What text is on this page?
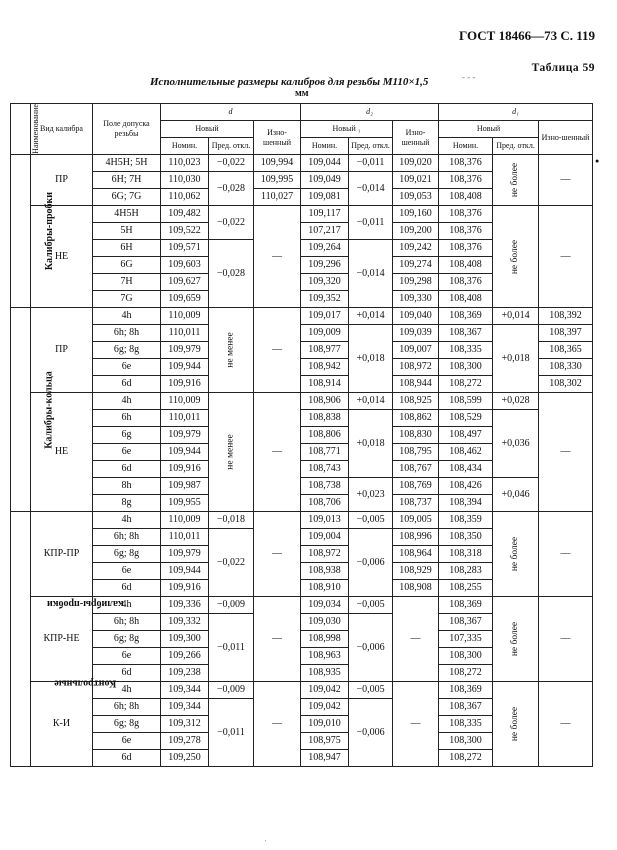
ГОСТ 18466—73 С. 119
Таблица 59
- - -
Исполнительные размеры калибров для резьбы М110×1,5
мм
●
Наименование	Вид калибра	Поле допуска резьбы	d			d₂			d₁		
			Новый		Изно-шенный	Новый ₁		Изно-шенный	Новый		Изно-шенный
			Номин.	Пред. откл.		Номин.	Пред. откл.		Номин.	Пред. откл.	
Калибры-пробки	ПР	4H5H; 5H	110,023	−0,022	109,994	109,044	−0,011	109,020	108,376	не более	—
		6H; 7H	110,030	−0,028	109,995	109,049	−0,014	109,021	108,376		
		6G; 7G	110,062		110,027	109,081		109,053	108,408		
	НЕ	4H5H	109,482	−0,022	—	109,117	−0,011	109,160	108,376	не более	—
		5H	109,522			107,217		109,200	108,376		
		6H	109,571	−0,028		109,264	−0,014	109,242	108,376		
		6G	109,603			109,296		109,274	108,408		
		7H	109,627			109,320		109,298	108,376		
		7G	109,659			109,352		109,330	108,408		
Калибры-кольца	ПР	4h	110,009	не менее	—	109,017	+0,014	109,040	108,369	+0,014	108,392
		6h; 8h	110,011			109,009	+0,018	109,039	108,367	+0,018	108,397
		6g; 8g	109,979			108,977		109,007	108,335		108,365
		6e	109,944			108,942		108,972	108,300		108,330
		6d	109,916			108,914		108,944	108,272		108,302
	НЕ	4h	110,009	не менее	—	108,906	+0,014	108,925	108,599	+0,028	—
		6h	110,011			108,838	+0,018	108,862	108,529	+0,036	
		6g	109,979			108,806		108,830	108,497		
		6e	109,944			108,771		108,795	108,462		
		6d	109,916			108,743		108,767	108,434		
		8h	109,987			108,738	+0,023	108,769	108,426	+0,046	
		8g	109,955			108,706		108,737	108,394		
Контрольные    калибры-пробки	КПР-ПР	4h	110,009	−0,018	—	109,013	−0,005	109,005	108,359	не более	—
		6h; 8h	110,011	−0,022		109,004	−0,006	108,996	108,350		
		6g; 8g	109,979			108,972		108,964	108,318		
		6e	109,944			108,938		108,929	108,283		
		6d	109,916			108,910		108,908	108,255		
	КПР-НЕ	4h	109,336	−0,009	—	109,034	−0,005	—	108,369	не более	—
		6h; 8h	109,332	−0,011		109,030	−0,006		108,367		
		6g; 8g	109,300			108,998			107,335		
		6e	109,266			108,963			108,300		
		6d	109,238			108,935			108,272		
	К-И	4h	109,344	−0,009	—	109,042	−0,005	—	108,369	не более	—
		6h; 8h	109,344	−0,011		109,042	−0,006		108,367		
		6g; 8g	109,312			109,010			108,335		
		6e	109,278			108,975			108,300		
		6d	109,250			108,947			108,272		
'
